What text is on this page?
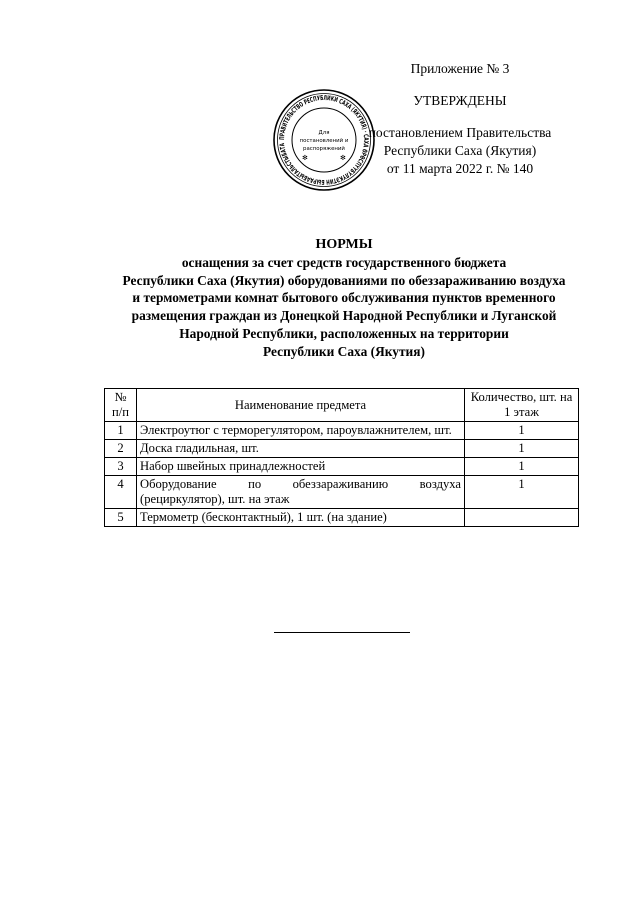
Приложение № 3
УТВЕРЖДЕНЫ
постановлением Правительства
Республики Саха (Якутия)
от 11 марта 2022 г. № 140
ПРАВИТЕЛЬСТВО РЕСПУБЛИКИ САХА (ЯКУТИЯ) · САХА ӨРӨСПҮҮБҮЛҮКЭТИН БЫРААБЫТАЛЬСТЫБАТА
Для
постановлений и
распоряжений
✻	✻
НОРМЫ
оснащения за счет средств государственного бюджета
Республики Саха (Якутия) оборудованиями по обеззараживанию воздуха
и термометрами комнат бытового обслуживания пунктов временного
размещения граждан из Донецкой Народной Республики и Луганской
Народной Республики, расположенных на территории
Республики Саха (Якутия)
№ п/п	Наименование предмета	Количество, шт. на 1 этаж
1	Электроутюг с терморегулятором, пароувлажнителем, шт.	1
2	Доска гладильная, шт.	1
3	Набор швейных принадлежностей	1
4	Оборудование по обеззараживанию воздуха (рециркулятор), шт. на этаж	1
5	Термометр (бесконтактный), 1 шт. (на здание)	
